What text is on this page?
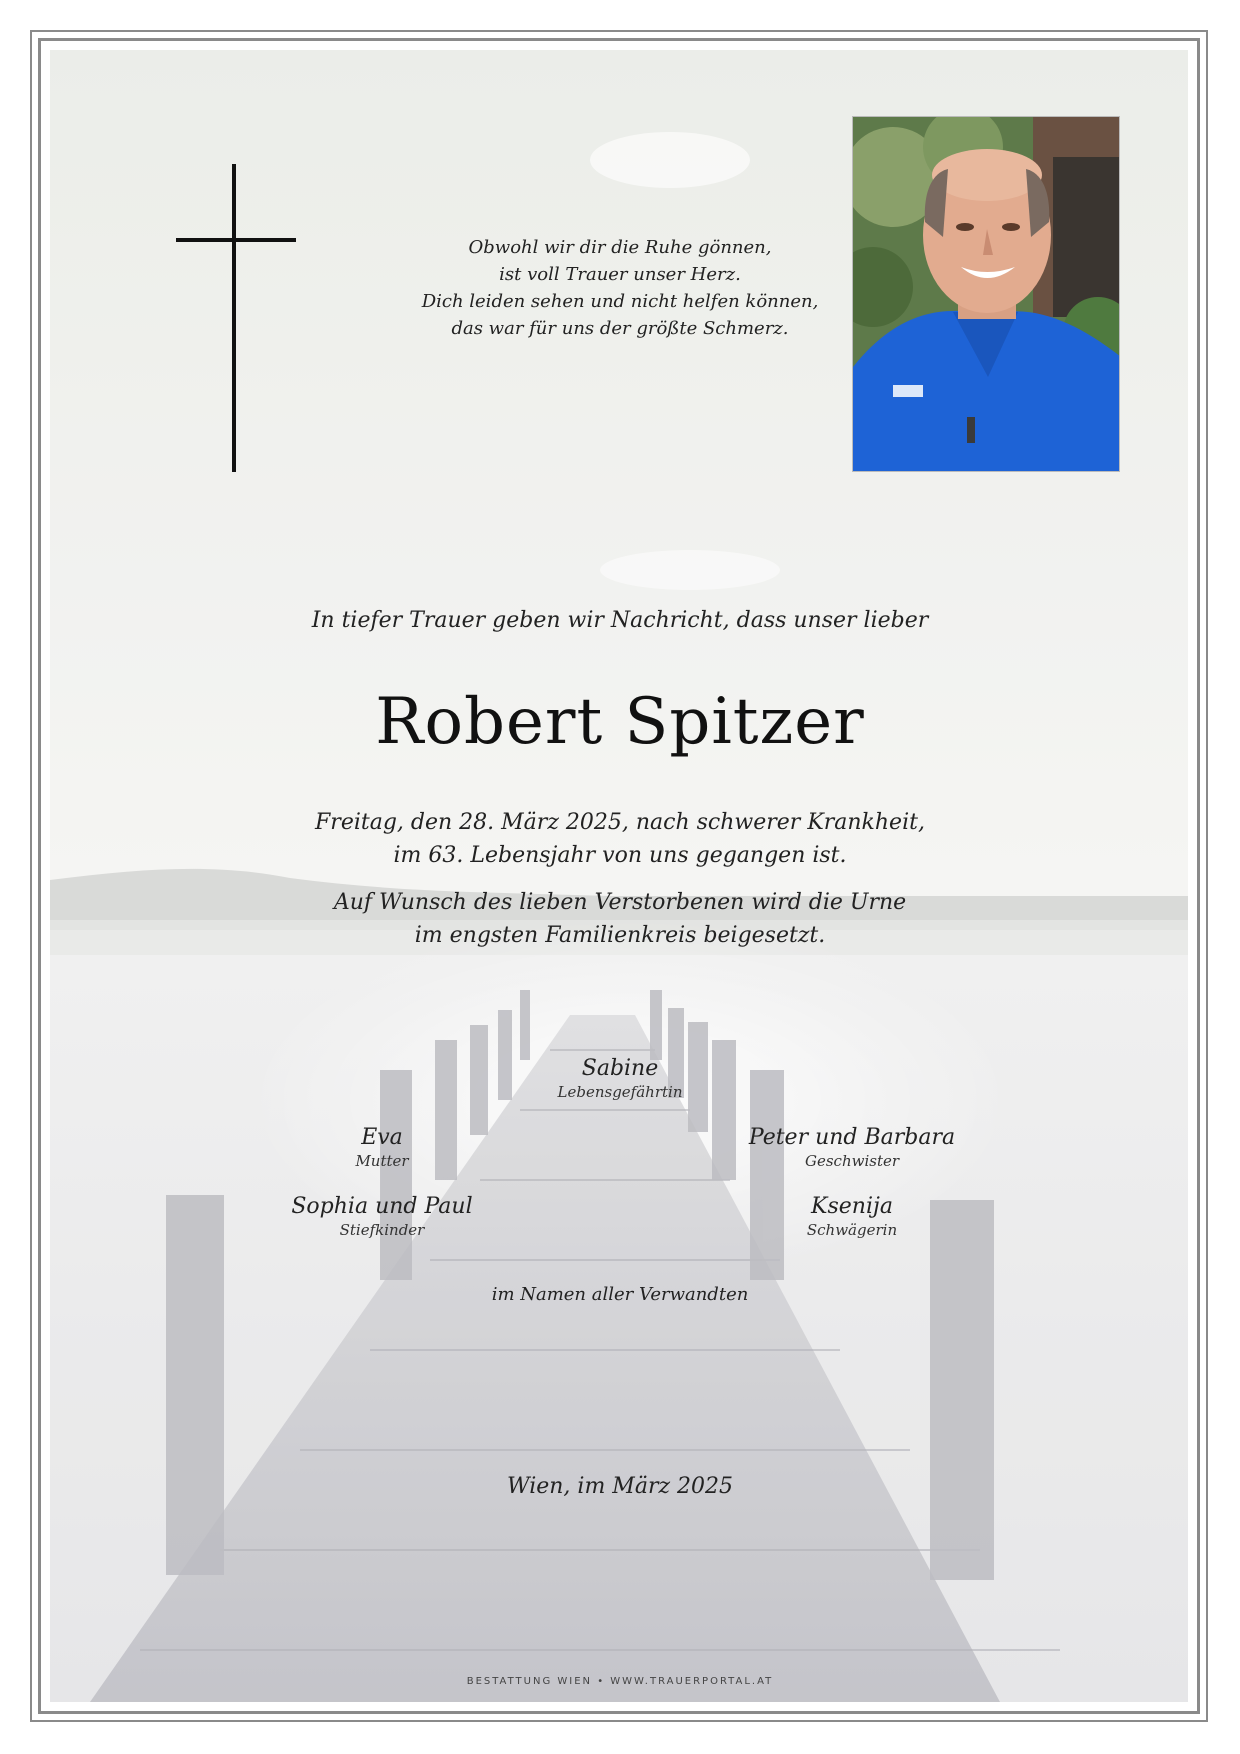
Obwohl wir dir die Ruhe gönnen,
ist voll Trauer unser Herz.
Dich leiden sehen und nicht helfen können,
das war für uns der größte Schmerz.
In tiefer Trauer geben wir Nachricht, dass unser lieber
Robert Spitzer
Freitag, den 28. März 2025, nach schwerer Krankheit,
im 63. Lebensjahr von uns gegangen ist.
Auf Wunsch des lieben Verstorbenen wird die Urne
im engsten Familienkreis beigesetzt.
Sabine
Lebensgefährtin
Eva
Mutter
Peter und Barbara
Geschwister
Sophia und Paul
Stiefkinder
Ksenija
Schwägerin
im Namen aller Verwandten
Wien, im März 2025
BESTATTUNG WIEN • WWW.TRAUERPORTAL.AT
